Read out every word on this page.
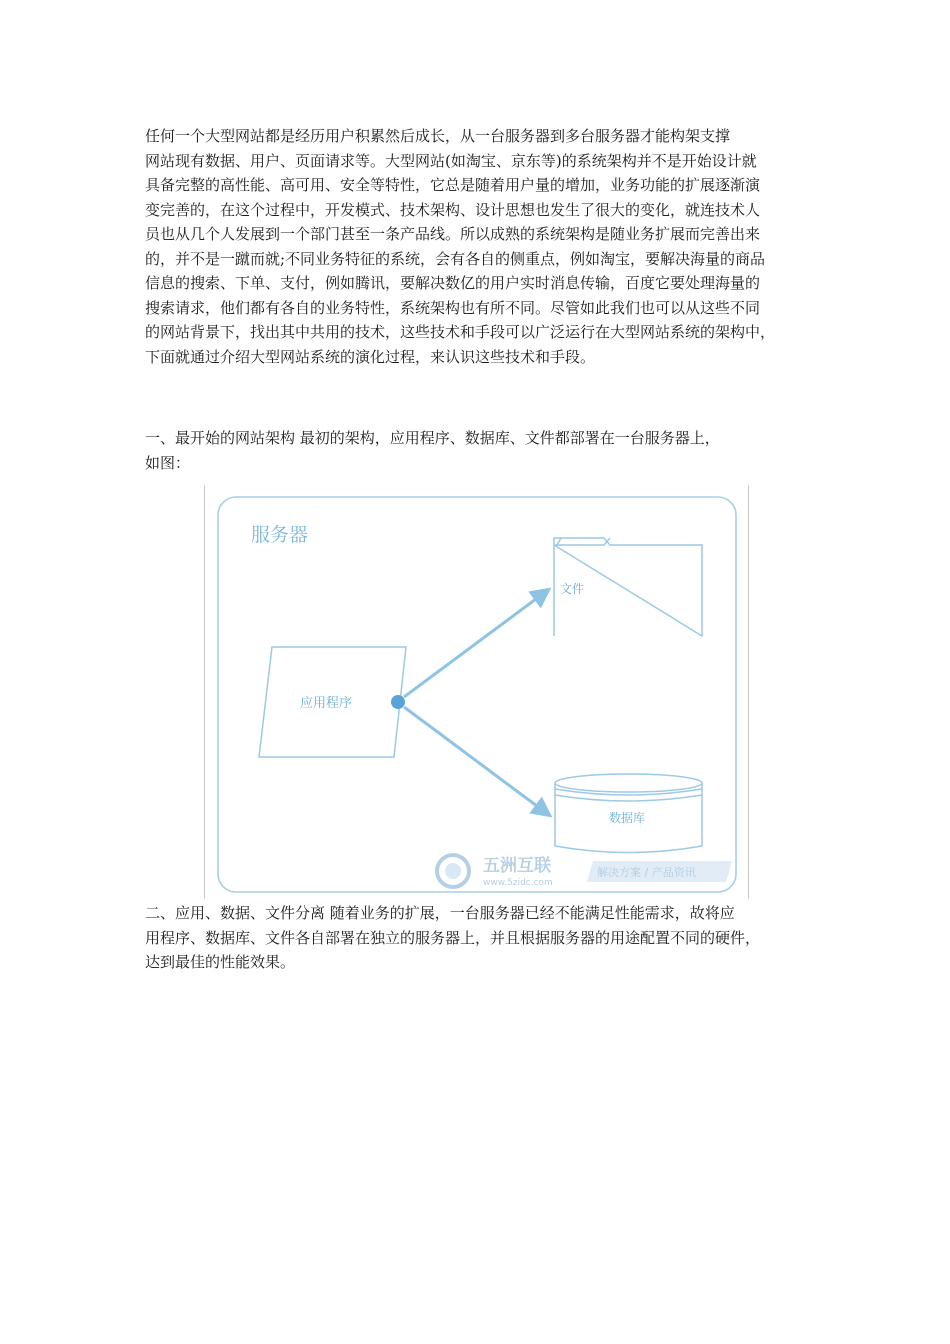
任何一个大型网站都是经历用户积累然后成长，从一台服务器到多台服务器才能构架支撑
网站现有数据、用户、页面请求等。大型网站(如淘宝、京东等)的系统架构并不是开始设计就
具备完整的高性能、高可用、安全等特性，它总是随着用户量的增加，业务功能的扩展逐渐演
变完善的，在这个过程中，开发模式、技术架构、设计思想也发生了很大的变化，就连技术人
员也从几个人发展到一个部门甚至一条产品线。所以成熟的系统架构是随业务扩展而完善出来
的，并不是一蹴而就;不同业务特征的系统，会有各自的侧重点，例如淘宝，要解决海量的商品
信息的搜索、下单、支付，例如腾讯，要解决数亿的用户实时消息传输，百度它要处理海量的
搜索请求，他们都有各自的业务特性，系统架构也有所不同。尽管如此我们也可以从这些不同
的网站背景下，找出其中共用的技术，这些技术和手段可以广泛运行在大型网站系统的架构中，
下面就通过介绍大型网站系统的演化过程，来认识这些技术和手段。

一、最开始的网站架构 最初的架构，应用程序、数据库、文件都部署在一台服务器上，
如图：

服务器
文件
应用程序
数据库
五洲互联
www.5zidc.com
解决方案 / 产品资讯

二、应用、数据、文件分离 随着业务的扩展，一台服务器已经不能满足性能需求，故将应
用程序、数据库、文件各自部署在独立的服务器上，并且根据服务器的用途配置不同的硬件，
达到最佳的性能效果。
